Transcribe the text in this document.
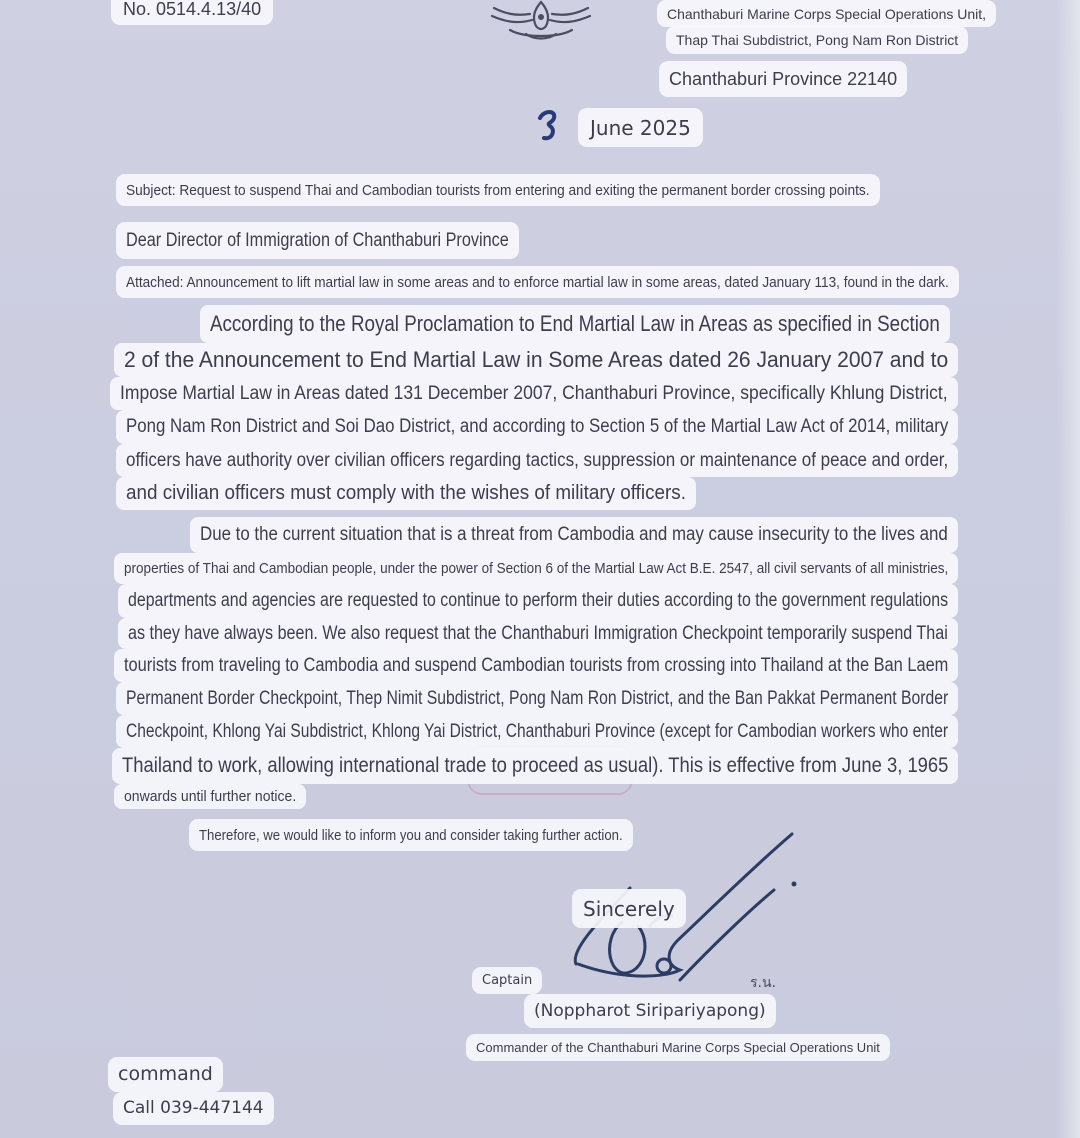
No. 0514.4.13/40	Chanthaburi Marine Corps Special Operations Unit,
Thap Thai Subdistrict, Pong Nam Ron District
Chanthaburi Province 22140
June 2025
Subject: Request to suspend Thai and Cambodian tourists from entering and exiting the permanent border crossing points.
Dear Director of Immigration of Chanthaburi Province
Attached: Announcement to lift martial law in some areas and to enforce martial law in some areas, dated January 113, found in the dark.
According to the Royal Proclamation to End Martial Law in Areas as specified in Section
2 of the Announcement to End Martial Law in Some Areas dated 26 January 2007 and to
Impose Martial Law in Areas dated 131 December 2007, Chanthaburi Province, specifically Khlung District,
Pong Nam Ron District and Soi Dao District, and according to Section 5 of the Martial Law Act of 2014, military
officers have authority over civilian officers regarding tactics, suppression or maintenance of peace and order,
and civilian officers must comply with the wishes of military officers.
Due to the current situation that is a threat from Cambodia and may cause insecurity to the lives and
properties of Thai and Cambodian people, under the power of Section 6 of the Martial Law Act B.E. 2547, all civil servants of all ministries,
departments and agencies are requested to continue to perform their duties according to the government regulations
as they have always been. We also request that the Chanthaburi Immigration Checkpoint temporarily suspend Thai
tourists from traveling to Cambodia and suspend Cambodian tourists from crossing into Thailand at the Ban Laem
Permanent Border Checkpoint, Thep Nimit Subdistrict, Pong Nam Ron District, and the Ban Pakkat Permanent Border
Checkpoint, Khlong Yai Subdistrict, Khlong Yai District, Chanthaburi Province (except for Cambodian workers who enter
Thailand to work, allowing international trade to proceed as usual). This is effective from June 3, 1965
onwards until further notice.
Therefore, we would like to inform you and consider taking further action.
Sincerely
Captain	ร.น.
(Noppharot Siripariyapong)
Commander of the Chanthaburi Marine Corps Special Operations Unit
command
Call 039-447144
